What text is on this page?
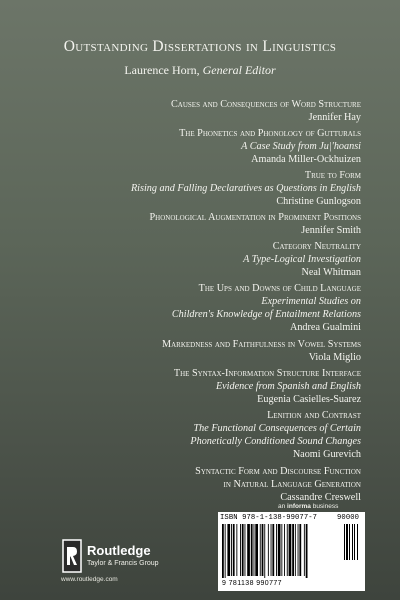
Outstanding Dissertations in Linguistics
Laurence Horn, General Editor
Causes and Consequences of Word Structure
Jennifer Hay
The Phonetics and Phonology of Gutturals
A Case Study from Ju|'hoansi
Amanda Miller-Ockhuizen
True to Form
Rising and Falling Declaratives as Questions in English
Christine Gunlogson
Phonological Augmentation in Prominent Positions
Jennifer Smith
Category Neutrality
A Type-Logical Investigation
Neal Whitman
The Ups and Downs of Child Language
Experimental Studies on
Children's Knowledge of Entailment Relations
Andrea Gualmini
Markedness and Faithfulness in Vowel Systems
Viola Miglio
The Syntax-Information Structure Interface
Evidence from Spanish and English
Eugenia Casielles-Suarez
Lenition and Contrast
The Functional Consequences of Certain
Phonetically Conditioned Sound Changes
Naomi Gurevich
Syntactic Form and Discourse Function
in Natural Language Generation
Cassandre Creswell
an informa business
ISBN 978-1-138-99077-7	90000
9 781138 990777
Routledge
Taylor & Francis Group
www.routledge.com
